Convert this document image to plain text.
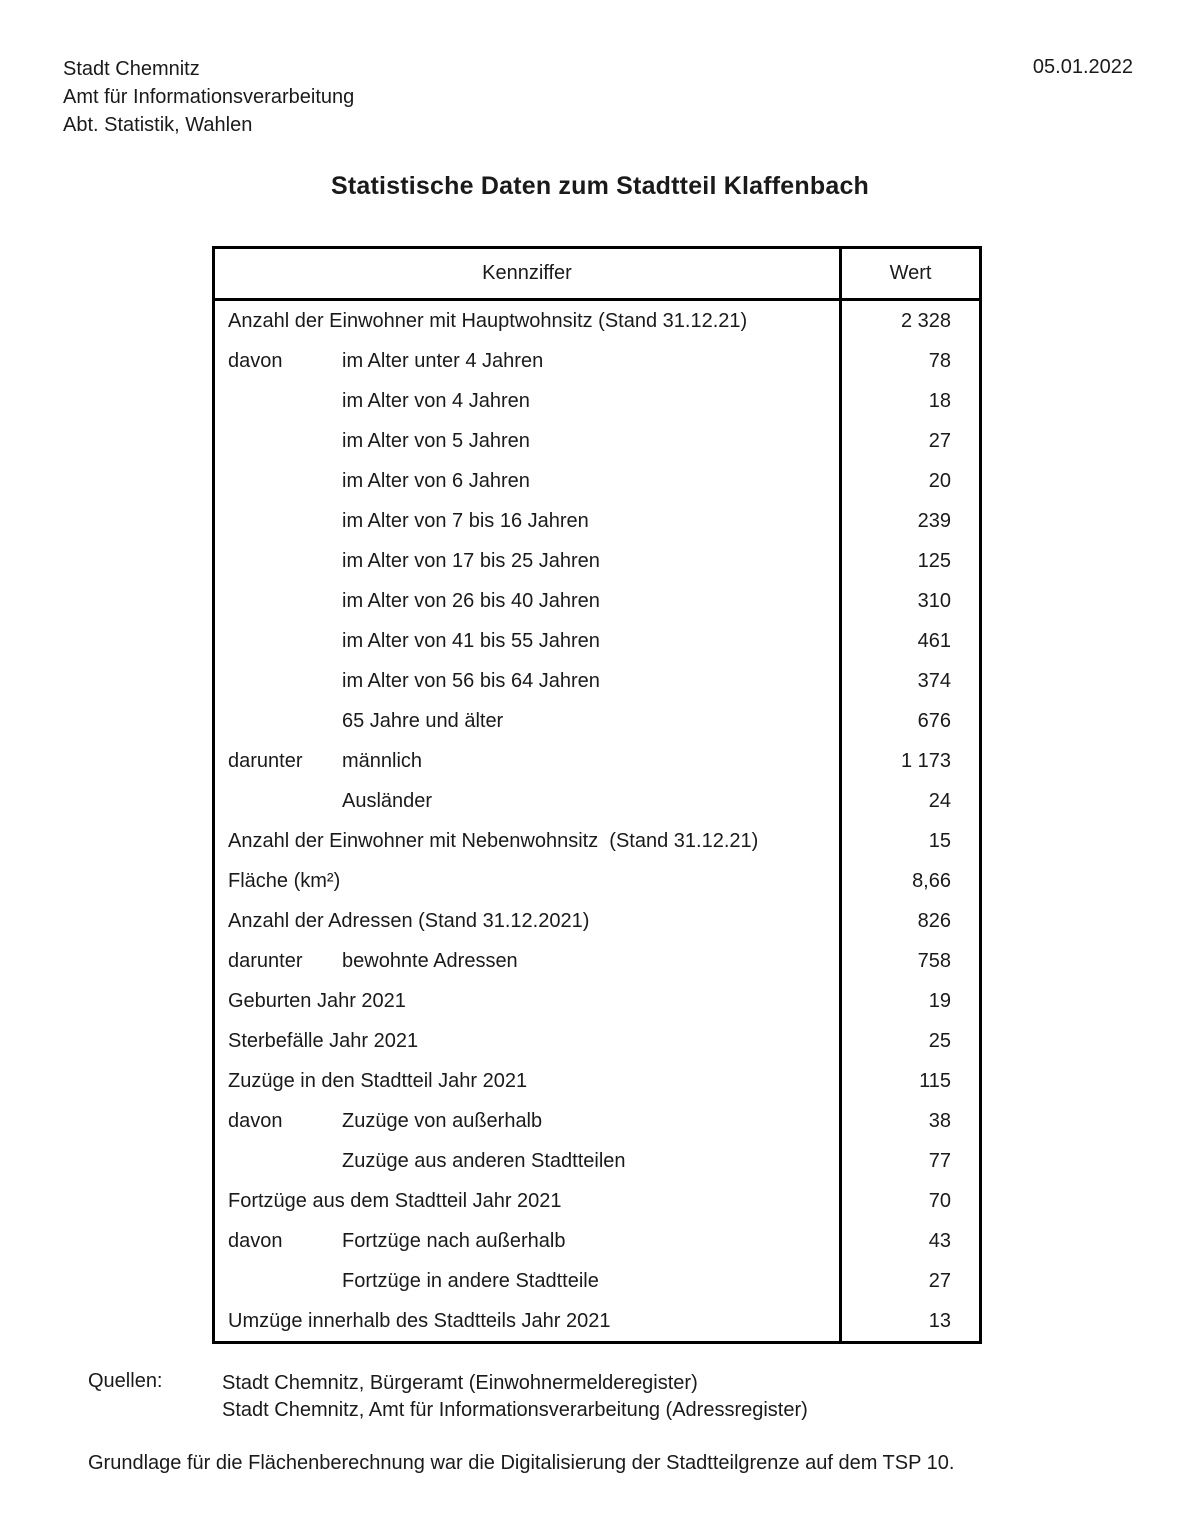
Stadt Chemnitz
Amt für Informationsverarbeitung
Abt. Statistik, Wahlen
05.01.2022
Statistische Daten zum Stadtteil Klaffenbach
Kennziffer	Wert
Anzahl der Einwohner mit Hauptwohnsitz (Stand 31.12.21)	2 328
davon	im Alter unter 4 Jahren	78
im Alter von 4 Jahren	18
im Alter von 5 Jahren	27
im Alter von 6 Jahren	20
im Alter von 7 bis 16 Jahren	239
im Alter von 17 bis 25 Jahren	125
im Alter von 26 bis 40 Jahren	310
im Alter von 41 bis 55 Jahren	461
im Alter von 56 bis 64 Jahren	374
65 Jahre und älter	676
darunter	männlich	1 173
Ausländer	24
Anzahl der Einwohner mit Nebenwohnsitz  (Stand 31.12.21)	15
Fläche (km²)	8,66
Anzahl der Adressen (Stand 31.12.2021)	826
darunter	bewohnte Adressen	758
Geburten Jahr 2021	19
Sterbefälle Jahr 2021	25
Zuzüge in den Stadtteil Jahr 2021	115
davon	Zuzüge von außerhalb	38
Zuzüge aus anderen Stadtteilen	77
Fortzüge aus dem Stadtteil Jahr 2021	70
davon	Fortzüge nach außerhalb	43
Fortzüge in andere Stadtteile	27
Umzüge innerhalb des Stadtteils Jahr 2021	13
Quellen:	Stadt Chemnitz, Bürgeramt (Einwohnermelderegister)
Stadt Chemnitz, Amt für Informationsverarbeitung (Adressregister)
Grundlage für die Flächenberechnung war die Digitalisierung der Stadtteilgrenze auf dem TSP 10.
